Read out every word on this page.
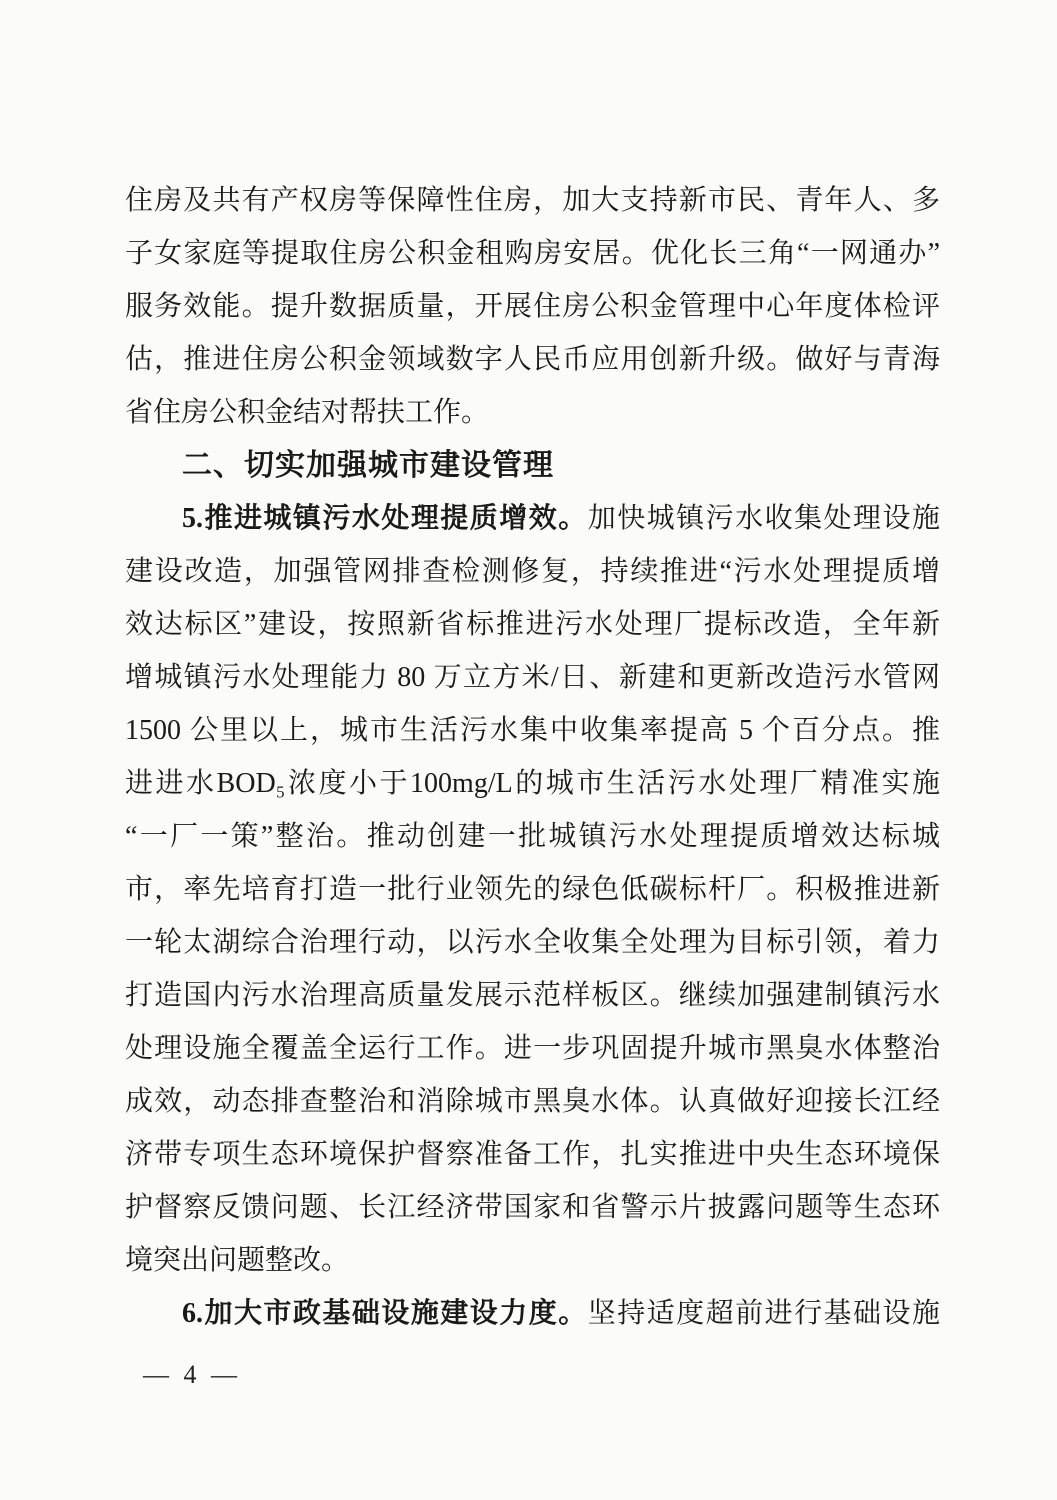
住房及共有产权房等保障性住房，加大支持新市民、青年人、多
子女家庭等提取住房公积金租购房安居。优化长三角“一网通办”
服务效能。提升数据质量，开展住房公积金管理中心年度体检评
估，推进住房公积金领域数字人民币应用创新升级。做好与青海
省住房公积金结对帮扶工作。
二、切实加强城市建设管理
5.推进城镇污水处理提质增效。加快城镇污水收集处理设施
建设改造，加强管网排查检测修复，持续推进“污水处理提质增
效达标区”建设，按照新省标推进污水处理厂提标改造，全年新
增城镇污水处理能力 80 万立方米/日、新建和更新改造污水管网
1500 公里以上，城市生活污水集中收集率提高 5 个百分点。推
进进水BOD₅浓度小于100mg/L的城市生活污水处理厂精准实施
“一厂一策”整治。推动创建一批城镇污水处理提质增效达标城
市，率先培育打造一批行业领先的绿色低碳标杆厂。积极推进新
一轮太湖综合治理行动，以污水全收集全处理为目标引领，着力
打造国内污水治理高质量发展示范样板区。继续加强建制镇污水
处理设施全覆盖全运行工作。进一步巩固提升城市黑臭水体整治
成效，动态排查整治和消除城市黑臭水体。认真做好迎接长江经
济带专项生态环境保护督察准备工作，扎实推进中央生态环境保
护督察反馈问题、长江经济带国家和省警示片披露问题等生态环
境突出问题整改。
6.加大市政基础设施建设力度。坚持适度超前进行基础设施
— 4 —
